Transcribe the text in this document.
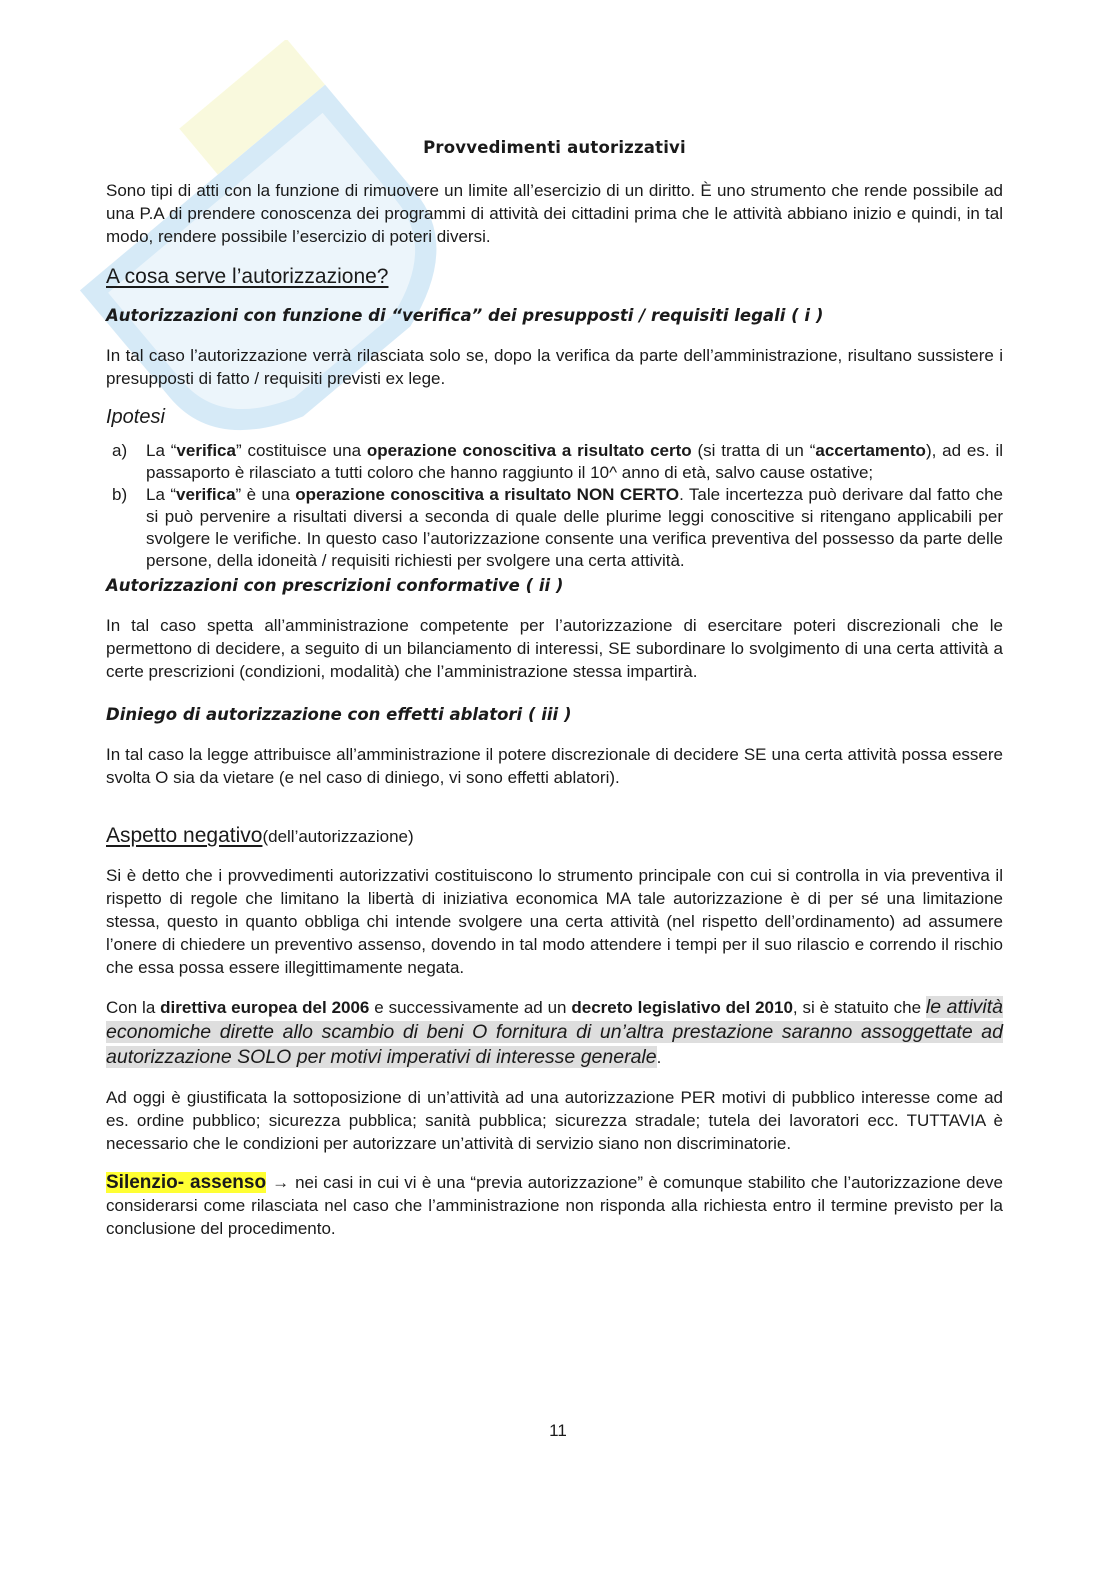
Provvedimenti autorizzativi

Sono tipi di atti con la funzione di rimuovere un limite all’esercizio di un diritto. È uno strumento che rende possibile ad una P.A di prendere conoscenza dei programmi di attività dei cittadini prima che le attività abbiano inizio e quindi, in tal modo, rendere possibile l’esercizio di poteri diversi.

A cosa serve l’autorizzazione?
Autorizzazioni con funzione di “verifica” dei presupposti / requisiti legali ( i )

In tal caso l’autorizzazione verrà rilasciata solo se, dopo la verifica da parte dell’amministrazione, risultano sussistere i presupposti di fatto / requisiti previsti ex lege.

Ipotesi
a) La “verifica” costituisce una operazione conoscitiva a risultato certo (si tratta di un “accertamento), ad es. il passaporto è rilasciato a tutti coloro che hanno raggiunto il 10^ anno di età, salvo cause ostative;
b) La “verifica” è una operazione conoscitiva a risultato NON CERTO. Tale incertezza può derivare dal fatto che si può pervenire a risultati diversi a seconda di quale delle plurime leggi conoscitive si ritengano applicabili per svolgere le verifiche. In questo caso l’autorizzazione consente una verifica preventiva del possesso da parte delle persone, della idoneità / requisiti richiesti per svolgere una certa attività.
Autorizzazioni con prescrizioni conformative ( ii )

In tal caso spetta all’amministrazione competente per l’autorizzazione di esercitare poteri discrezionali che le permettono di decidere, a seguito di un bilanciamento di interessi, SE subordinare lo svolgimento di una certa attività a certe prescrizioni (condizioni, modalità) che l’amministrazione stessa impartirà.

Diniego di autorizzazione con effetti ablatori ( iii )

In tal caso la legge attribuisce all’amministrazione il potere discrezionale di decidere SE una certa attività possa essere svolta O sia da vietare (e nel caso di diniego, vi sono effetti ablatori).

Aspetto negativo(dell’autorizzazione)

Si è detto che i provvedimenti autorizzativi costituiscono lo strumento principale con cui si controlla in via preventiva il rispetto di regole che limitano la libertà di iniziativa economica MA tale autorizzazione è di per sé una limitazione stessa, questo in quanto obbliga chi intende svolgere una certa attività (nel rispetto dell’ordinamento) ad assumere l’onere di chiedere un preventivo assenso, dovendo in tal modo attendere i tempi per il suo rilascio e correndo il rischio che essa possa essere illegittimamente negata.

Con la direttiva europea del 2006 e successivamente ad un decreto legislativo del 2010, si è statuito che le attività economiche dirette allo scambio di beni O fornitura di un’altra prestazione saranno assoggettate ad autorizzazione SOLO per motivi imperativi di interesse generale.

Ad oggi è giustificata la sottoposizione di un’attività ad una autorizzazione PER motivi di pubblico interesse come ad es. ordine pubblico; sicurezza pubblica; sanità pubblica; sicurezza stradale; tutela dei lavoratori ecc. TUTTAVIA è necessario che le condizioni per autorizzare un’attività di servizio siano non discriminatorie.

Silenzio- assenso → nei casi in cui vi è una “previa autorizzazione” è comunque stabilito che l’autorizzazione deve considerarsi come rilasciata nel caso che l’amministrazione non risponda alla richiesta entro il termine previsto per la conclusione del procedimento.

11
